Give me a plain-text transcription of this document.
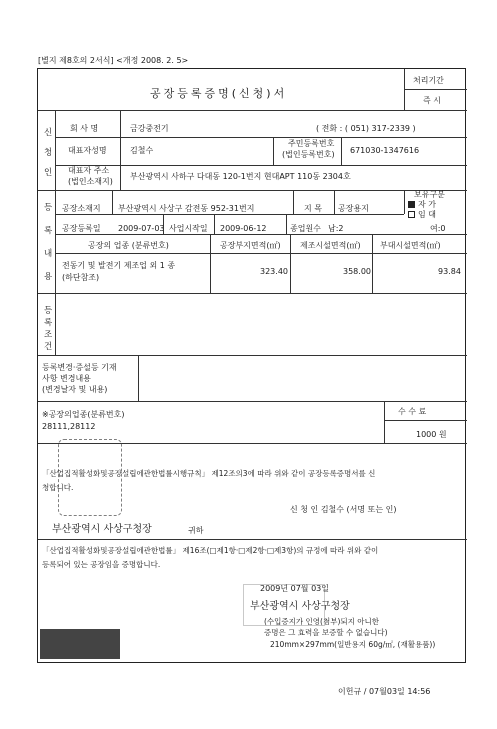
[별지 제8호의 2서식] <개정 2008. 2. 5>
공장등록증명(신청)서
처리기간
즉 시
신
청
인
회 사 명	금강중전기	( 전화 : ( 051) 317-2339 )
대표자성명	김철수
주민등록번호
(법인등록번호) 671030-1347616
대표자 주소
(법인소재지)
부산광역시 사하구 다대동 120-1번지 현대APT 110동 2304호
등
록
내
용
공장소재지 부산광역시 사상구 감전동 952-31번지	지 목 공장용지
보유구분
자 가
임 대
공장등록일 2009-07-03 사업시작일 2009-06-12	종업원수 남:2	여:0
공장의 업종 (분류번호)	공장부지면적(㎡) 제조시설면적(㎡) 부대시설면적(㎡)
전동기 및 발전기 제조업 외 1 종
(하단참조)
323.40	358.00	93.84
등
록
조
건
등록변경·증설등 기재
사항 변경내용
(변경날자 및 내용)
※공장의업종(분류번호)
28111,28112
수 수 료
1000 원
「산업집적활성화및공장설립에관한법률시행규칙」 제12조의3에 따라 위와 같이 공장등록증명서를 신
청합니다.
신 청 인 김철수 (서명 또는 인)
부산광역시 사상구청장	귀하
「산업집적활성화및공장설립에관한법률」 제16조(□제1항·□제2항·□제3항)의 규정에 따라 위와 같이
등록되어 있는 공장임을 증명합니다.
2009년 07월 03일
부산광역시 사상구청장
(수입증지가 인영(첨부)되지 아니한
증명은 그 효력을 보증할 수 없습니다)
210mm×297mm(일반용지 60g/㎡, (재활용품))
이헌규 / 07월03일 14:56
